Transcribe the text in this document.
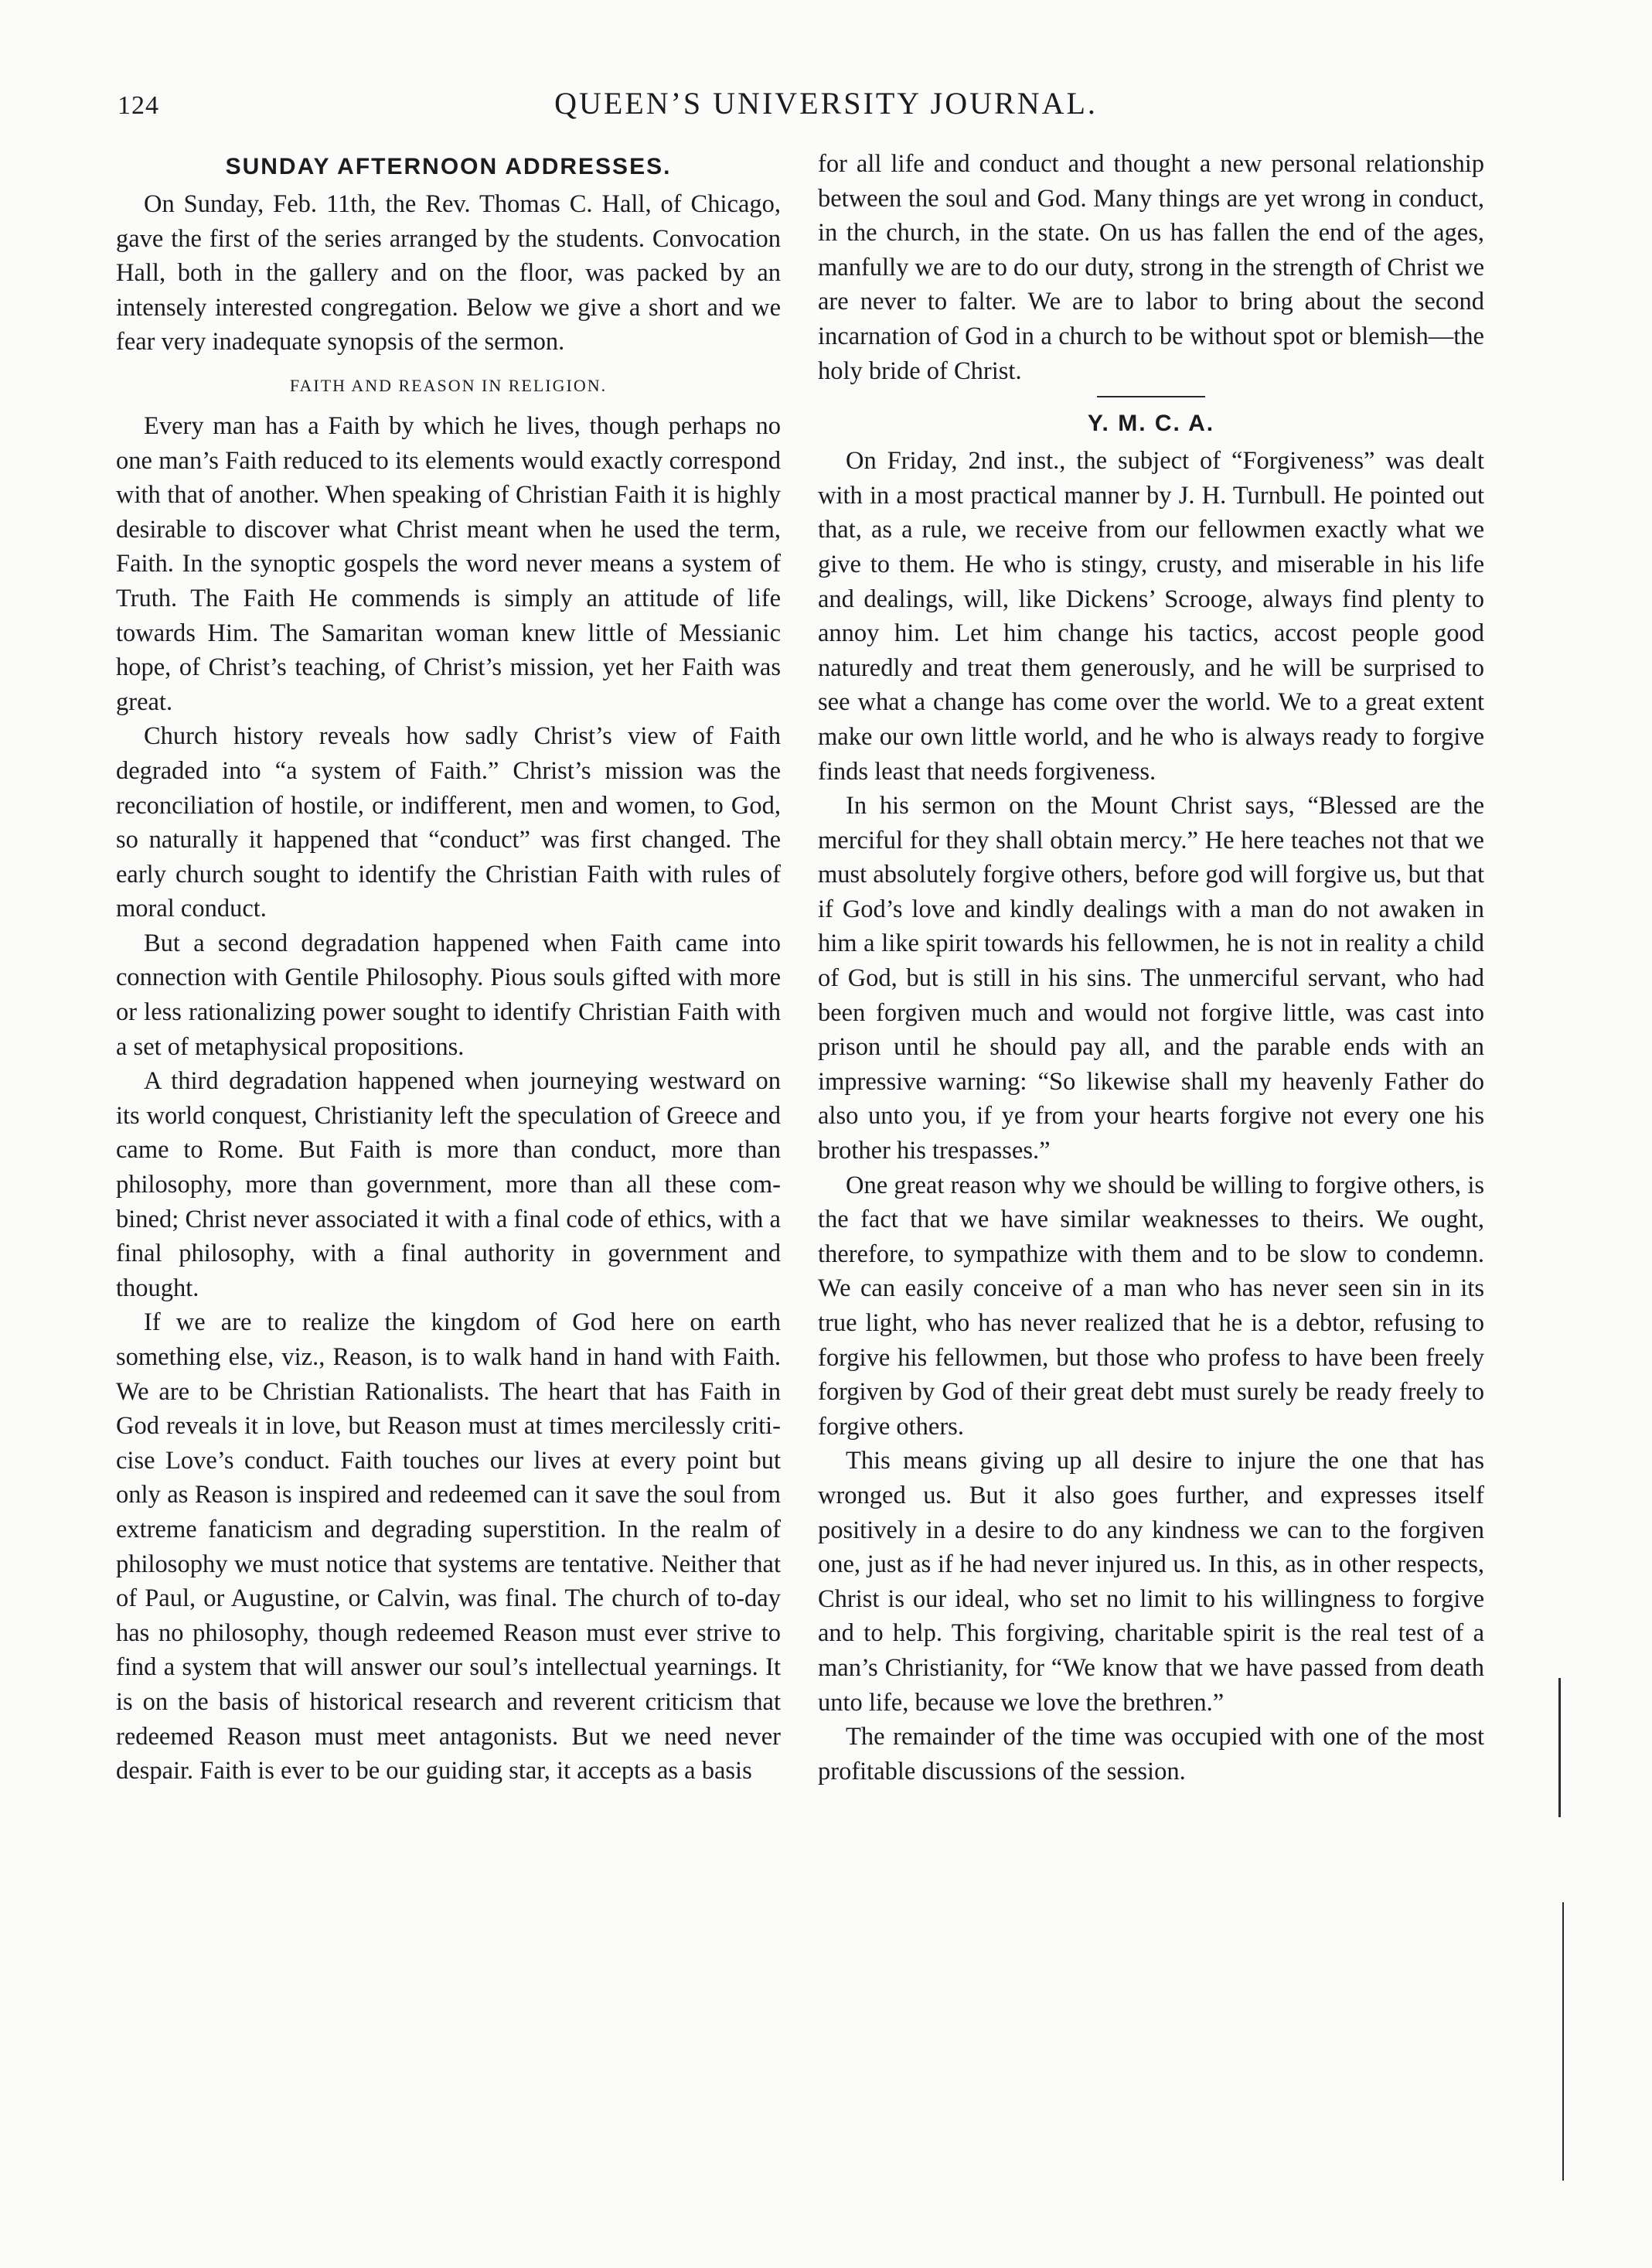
124	QUEEN’S UNIVERSITY JOURNAL.
SUNDAY AFTERNOON ADDRESSES.

On Sunday, Feb. 11th, the Rev. Thomas C. Hall, of Chicago, gave the first of the series arranged by the students. Convocation Hall, both in the gallery and on the floor, was packed by an intensely interested congregation. Below we give a short and we fear very inadequate synopsis of the sermon.

FAITH AND REASON IN RELIGION.

Every man has a Faith by which he lives, though perhaps no one man’s Faith reduced to its elements would exactly correspond with that of another. When speaking of Christian Faith it is highly desirable to discover what Christ meant when he used the term, Faith. In the synoptic gospels the word never means a system of Truth. The Faith He commends is simply an attitude of life towards Him. The Samaritan woman knew little of Messianic hope, of Christ’s teaching, of Christ’s mission, yet her Faith was great.

Church history reveals how sadly Christ’s view of Faith degraded into “a system of Faith.” Christ’s mission was the reconciliation of hostile, or indifferent, men and women, to God, so naturally it happened that “conduct” was first changed. The early church sought to identify the Christian Faith with rules of moral conduct.

But a second degradation happened when Faith came into connection with Gentile Philosophy. Pious souls gifted with more or less rationalizing power sought to identify Christian Faith with a set of metaphysical propositions.

A third degradation happened when journeying westward on its world conquest, Christianity left the speculation of Greece and came to Rome. But Faith is more than conduct, more than philosophy, more than government, more than all these combined; Christ never associated it with a final code of ethics, with a final philosophy, with a final authority in government and thought.

If we are to realize the kingdom of God here on earth something else, viz., Reason, is to walk hand in hand with Faith. We are to be Christian Rationalists. The heart that has Faith in God reveals it in love, but Reason must at times mercilessly criticise Love’s conduct. Faith touches our lives at every point but only as Reason is inspired and redeemed can it save the soul from extreme fanaticism and degrading superstition. In the realm of philosophy we must notice that systems are tentative. Neither that of Paul, or Augustine, or Calvin, was final. The church of to-day has no philosophy, though redeemed Reason must ever strive to find a system that will answer our soul’s intellectual yearnings. It is on the basis of historical research and reverent criticism that redeemed Reason must meet antagonists. But we need never despair. Faith is ever to be our guiding star, it accepts as a basis

for all life and conduct and thought a new personal relationship between the soul and God. Many things are yet wrong in conduct, in the church, in the state. On us has fallen the end of the ages, manfully we are to do our duty, strong in the strength of Christ we are never to falter. We are to labor to bring about the second incarnation of God in a church to be without spot or blemish—the holy bride of Christ.

Y. M. C. A.

On Friday, 2nd inst., the subject of “Forgiveness” was dealt with in a most practical manner by J. H. Turnbull. He pointed out that, as a rule, we receive from our fellowmen exactly what we give to them. He who is stingy, crusty, and miserable in his life and dealings, will, like Dickens’ Scrooge, always find plenty to annoy him. Let him change his tactics, accost people good naturedly and treat them generously, and he will be surprised to see what a change has come over the world. We to a great extent make our own little world, and he who is always ready to forgive finds least that needs forgiveness.

In his sermon on the Mount Christ says, “Blessed are the merciful for they shall obtain mercy.” He here teaches not that we must absolutely forgive others, before god will forgive us, but that if God’s love and kindly dealings with a man do not awaken in him a like spirit towards his fellowmen, he is not in reality a child of God, but is still in his sins. The unmerciful servant, who had been forgiven much and would not forgive little, was cast into prison until he should pay all, and the parable ends with an impressive warning: “So likewise shall my heavenly Father do also unto you, if ye from your hearts forgive not every one his brother his trespasses.”

One great reason why we should be willing to forgive others, is the fact that we have similar weaknesses to theirs. We ought, therefore, to sympathize with them and to be slow to condemn. We can easily conceive of a man who has never seen sin in its true light, who has never realized that he is a debtor, refusing to forgive his fellowmen, but those who profess to have been freely forgiven by God of their great debt must surely be ready freely to forgive others.

This means giving up all desire to injure the one that has wronged us. But it also goes further, and expresses itself positively in a desire to do any kindness we can to the forgiven one, just as if he had never injured us. In this, as in other respects, Christ is our ideal, who set no limit to his willingness to forgive and to help. This forgiving, charitable spirit is the real test of a man’s Christianity, for “We know that we have passed from death unto life, because we love the brethren.”

The remainder of the time was occupied with one of the most profitable discussions of the session.
